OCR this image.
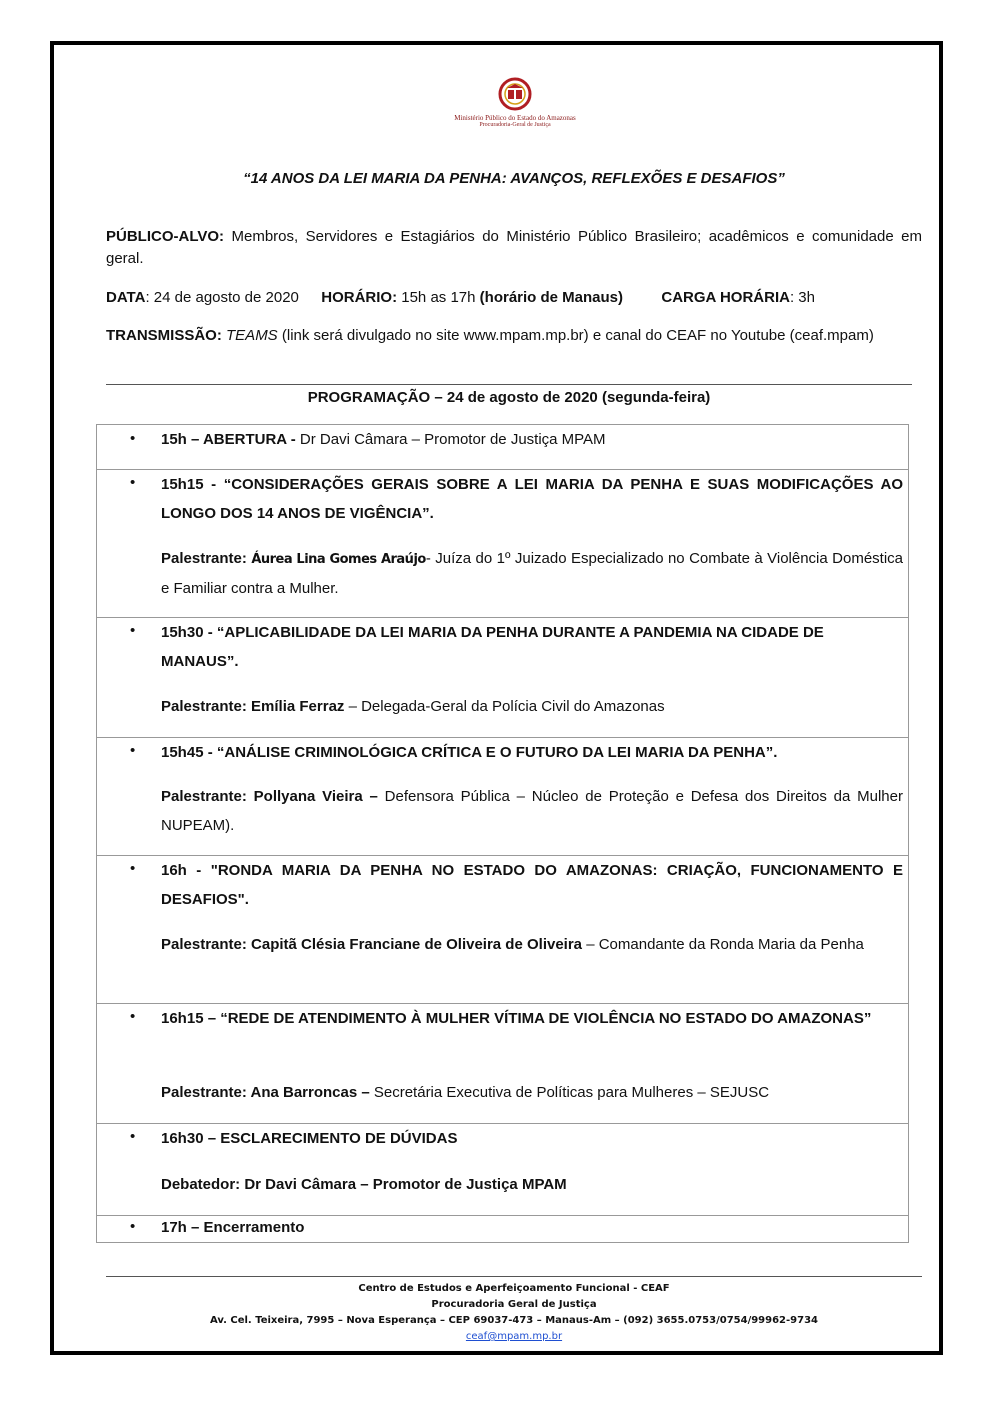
Ministério Público do Estado do Amazonas
Procuradoria-Geral de Justiça
“14 ANOS DA LEI MARIA DA PENHA: AVANÇOS, REFLEXÕES E DESAFIOS”
PÚBLICO-ALVO: Membros, Servidores e Estagiários do Ministério Público Brasileiro; acadêmicos e comunidade em geral.
DATA: 24 de agosto de 2020 HORÁRIO: 15h as 17h (horário de Manaus)	CARGA HORÁRIA: 3h
TRANSMISSÃO: TEAMS (link será divulgado no site www.mpam.mp.br) e canal do CEAF no Youtube (ceaf.mpam)
PROGRAMAÇÃO – 24 de agosto de 2020 (segunda-feira)
• 15h – ABERTURA - Dr Davi Câmara – Promotor de Justiça MPAM
• 15h15 - “CONSIDERAÇÕES GERAIS SOBRE A LEI MARIA DA PENHA E SUAS MODIFICAÇÕES AO LONGO DOS 14 ANOS DE VIGÊNCIA”.
Palestrante: Áurea Lina Gomes Araújo- Juíza do 1º Juizado Especializado no Combate à Violência Doméstica e Familiar contra a Mulher.
• 15h30 - “APLICABILIDADE DA LEI MARIA DA PENHA DURANTE A PANDEMIA NA CIDADE DE MANAUS”.
Palestrante: Emília Ferraz – Delegada-Geral da Polícia Civil do Amazonas
• 15h45 - “ANÁLISE CRIMINOLÓGICA CRÍTICA E O FUTURO DA LEI MARIA DA PENHA”.
Palestrante: Pollyana Vieira – Defensora Pública – Núcleo de Proteção e Defesa dos Direitos da Mulher NUPEAM).
• 16h - "RONDA MARIA DA PENHA NO ESTADO DO AMAZONAS: CRIAÇÃO, FUNCIONAMENTO E DESAFIOS".
Palestrante: Capitã Clésia Franciane de Oliveira de Oliveira – Comandante da Ronda Maria da Penha
• 16h15 – “REDE DE ATENDIMENTO À MULHER VÍTIMA DE VIOLÊNCIA NO ESTADO DO AMAZONAS”
Palestrante: Ana Barroncas – Secretária Executiva de Políticas para Mulheres – SEJUSC
• 16h30 – ESCLARECIMENTO DE DÚVIDAS
Debatedor: Dr Davi Câmara – Promotor de Justiça MPAM
• 17h – Encerramento
Centro de Estudos e Aperfeiçoamento Funcional - CEAF
Procuradoria Geral de Justiça
Av. Cel. Teixeira, 7995 – Nova Esperança – CEP 69037-473 – Manaus-Am – (092) 3655.0753/0754/99962-9734
ceaf@mpam.mp.br
